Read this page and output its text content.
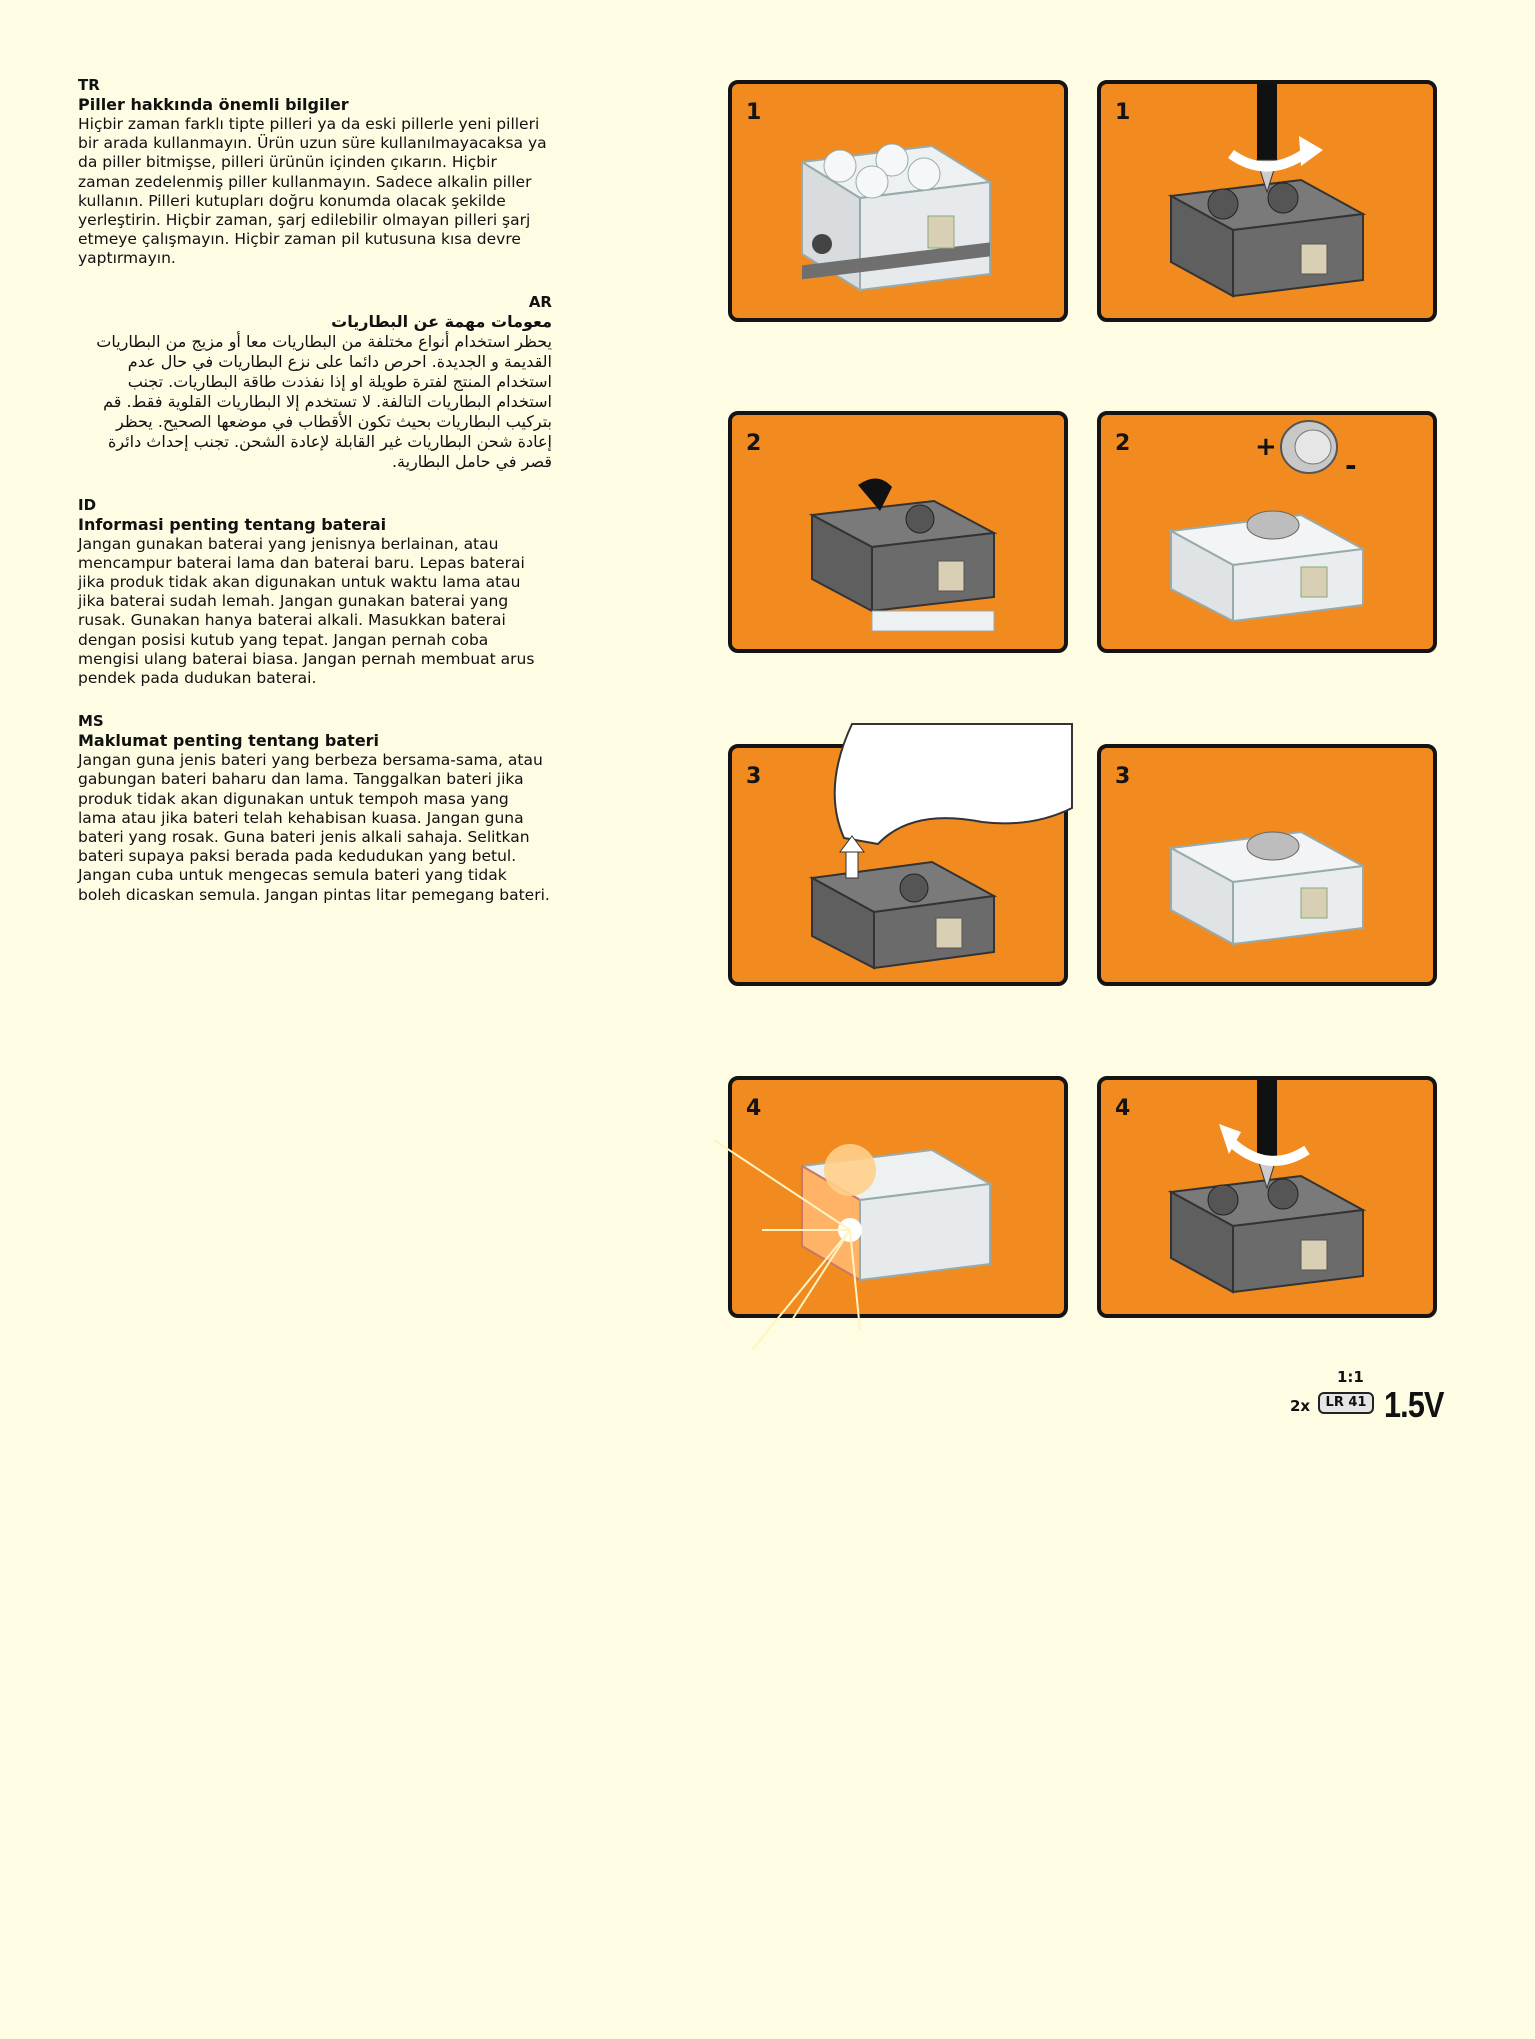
TR
Piller hakkında önemli bilgiler
Hiçbir zaman farklı tipte pilleri ya da eski pillerle yeni pilleri bir arada kullanmayın. Ürün uzun süre kullanılmayacaksa ya da piller bitmişse, pilleri ürünün içinden çıkarın. Hiçbir zaman zedelenmiş piller kullanmayın. Sadece alkalin piller kullanın. Pilleri kutupları doğru konumda olacak şekilde yerleştirin. Hiçbir zaman, şarj edilebilir olmayan pilleri şarj etmeye çalışmayın. Hiçbir zaman pil kutusuna kısa devre yaptırmayın.
AR
معومات مهمة عن البطاريات
يحظر استخدام أنواع مختلفة من البطاريات معا أو مزيج من البطاريات القديمة و الجديدة. احرص دائما على نزع البطاريات في حال عدم استخدام المنتج لفترة طويلة او إذا نفذدت طاقة البطاريات. تجنب استخدام البطاريات التالفة. لا تستخدم إلا البطاريات القلوية فقط. قم بتركيب البطاريات بحيث تكون الأقطاب في موضعها الصحيح. يحظر إعادة شحن البطاريات غير القابلة لإعادة الشحن. تجنب إحداث دائرة قصر في حامل البطارية.
ID
Informasi penting tentang baterai
Jangan gunakan baterai yang jenisnya berlainan, atau mencampur baterai lama dan baterai baru. Lepas baterai jika produk tidak akan digunakan untuk waktu lama atau jika baterai sudah lemah. Jangan gunakan baterai yang rusak. Gunakan hanya baterai alkali. Masukkan baterai dengan posisi kutub yang tepat. Jangan pernah coba mengisi ulang baterai biasa. Jangan pernah membuat arus pendek pada dudukan baterai.
MS
Maklumat penting tentang bateri
Jangan guna jenis bateri yang berbeza bersama-sama, atau gabungan bateri baharu dan lama. Tanggalkan bateri jika produk tidak akan digunakan untuk tempoh masa yang lama atau jika bateri telah kehabisan kuasa. Jangan guna bateri yang rosak. Guna bateri jenis alkali sahaja. Selitkan bateri supaya paksi berada pada kedudukan yang betul. Jangan cuba untuk mengecas semula bateri yang tidak boleh dicaskan semula. Jangan pintas litar pemegang bateri.
1	1
2	2	+
-
3	3
4	4
1:1
2x	LR 41 1.5V
